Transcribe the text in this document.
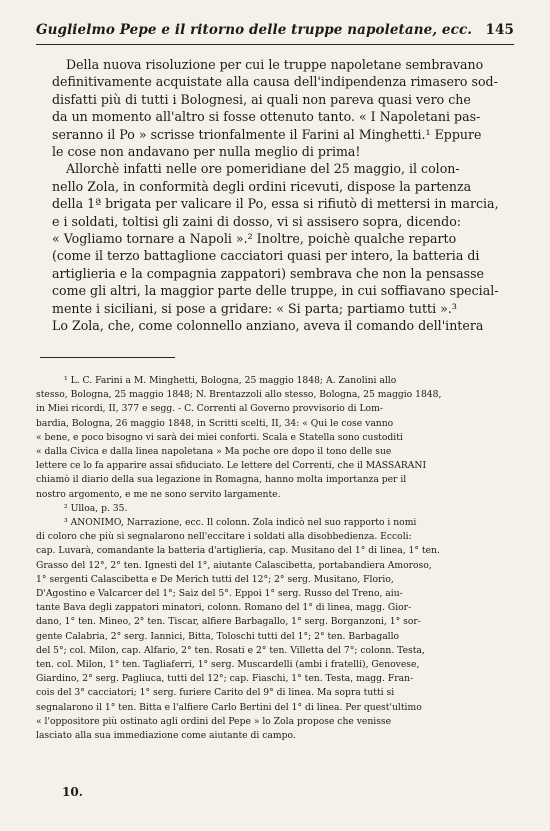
Guglielmo Pepe e il ritorno delle truppe napoletane, ecc. 145
Della nuova risoluzione per cui le truppe napoletane sembravano
definitivamente acquistate alla causa dell'indipendenza rimasero sod-
disfatti più di tutti i Bolognesi, ai quali non pareva quasi vero che
da un momento all'altro si fosse ottenuto tanto. « I Napoletani pas-
seranno il Po » scrisse trionfalmente il Farini al Minghetti.¹ Eppure
le cose non andavano per nulla meglio di prima!
Allorchè infatti nelle ore pomeridiane del 25 maggio, il colon-
nello Zola, in conformità degli ordini ricevuti, dispose la partenza
della 1ª brigata per valicare il Po, essa si rifiutò di mettersi in marcia,
e i soldati, toltisi gli zaini di dosso, vi si assisero sopra, dicendo:
« Vogliamo tornare a Napoli ».² Inoltre, poichè qualche reparto
(come il terzo battaglione cacciatori quasi per intero, la batteria di
artiglieria e la compagnia zappatori) sembrava che non la pensasse
come gli altri, la maggior parte delle truppe, in cui soffiavano special-
mente i siciliani, si pose a gridare: « Si parta; partiamo tutti ».³
Lo Zola, che, come colonnello anziano, aveva il comando dell'intera
¹ L. C. Farini a M. Minghetti, Bologna, 25 maggio 1848; A. Zanolini allo
stesso, Bologna, 25 maggio 1848; N. Brentazzoli allo stesso, Bologna, 25 maggio 1848,
in Miei ricordi, II, 377 e segg. - C. Correnti al Governo provvisorio di Lom-
bardia, Bologna, 26 maggio 1848, in Scritti scelti, II, 34: « Qui le cose vanno
« bene, e poco bisogno vi sarà dei miei conforti. Scala e Statella sono custoditi
« dalla Civica e dalla linea napoletana » Ma poche ore dopo il tono delle sue
lettere ce lo fa apparire assai sfiduciato. Le lettere del Correnti, che il MASSARANI
chiamò il diario della sua legazione in Romagna, hanno molta importanza per il
nostro argomento, e me ne sono servito largamente.
² Ulloa, p. 35.
³ ANONIMO, Narrazione, ecc. Il colonn. Zola indicò nel suo rapporto i nomi
di coloro che più si segnalarono nell'eccitare i soldati alla disobbedienza. Eccoli:
cap. Luvarà, comandante la batteria d'artiglieria, cap. Musitano del 1° di linea, 1° ten.
Grasso del 12°, 2° ten. Ignesti del 1°, aiutante Calascibetta, portabandiera Amoroso,
1° sergenti Calascibetta e De Merich tutti del 12°; 2° serg. Musitano, Florio,
D'Agostino e Valcarcer del 1°; Saiz del 5°. Eppoi 1° serg. Russo del Treno, aiu-
tante Bava degli zappatori minatori, colonn. Romano del 1° di linea, magg. Gior-
dano, 1° ten. Mineo, 2° ten. Tiscar, alfiere Barbagallo, 1° serg. Borganzoni, 1° sor-
gente Calabria, 2° serg. Iannici, Bitta, Toloschi tutti del 1°; 2° ten. Barbagallo
del 5°; col. Milon, cap. Alfario, 2° ten. Rosati e 2° ten. Villetta del 7°; colonn. Testa,
ten. col. Milon, 1° ten. Tagliaferri, 1° serg. Muscardelli (ambi i fratelli), Genovese,
Giardino, 2° serg. Pagliuca, tutti del 12°; cap. Fiaschi, 1° ten. Testa, magg. Fran-
cois del 3° cacciatori; 1° serg. furiere Carito del 9° di linea. Ma sopra tutti si
segnalarono il 1° ten. Bitta e l'alfiere Carlo Bertini del 1° di linea. Per quest'ultimo
« l'oppositore più ostinato agli ordini del Pepe » lo Zola propose che venisse
lasciato alla sua immediazione come aiutante di campo.
10.
